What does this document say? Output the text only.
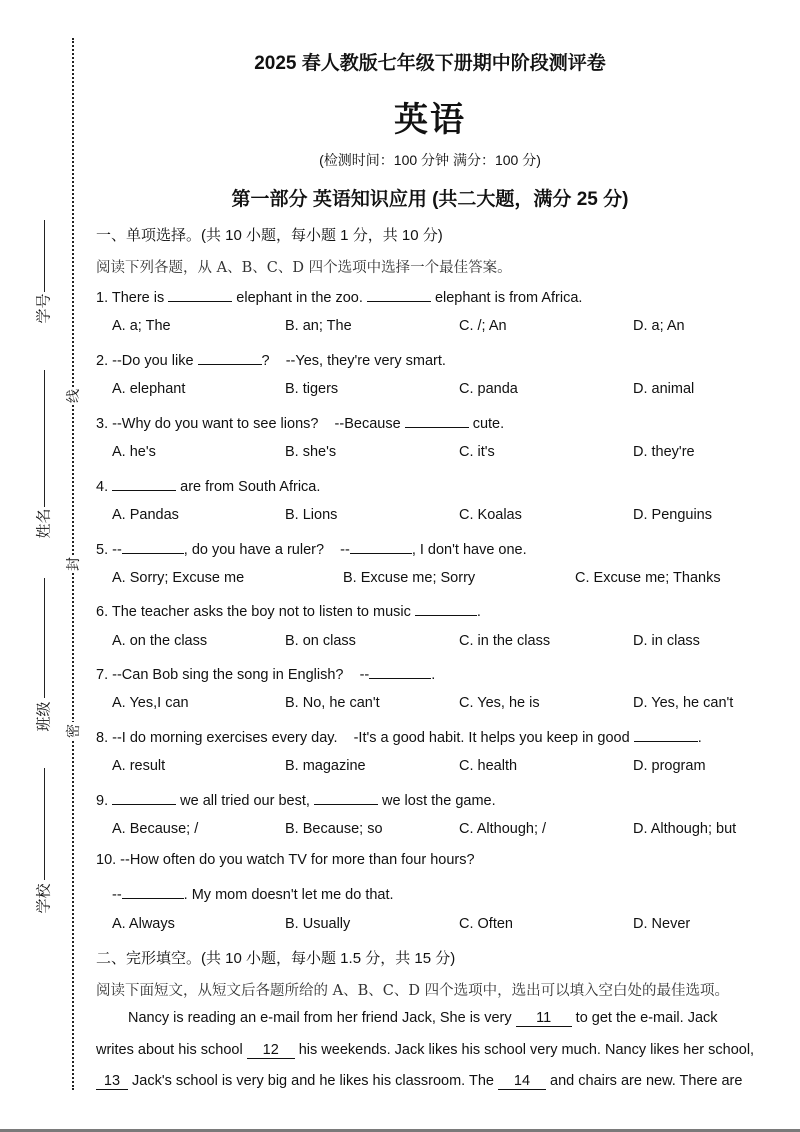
线
封
密
学号
姓名
班级
学校
2025 春人教版七年级下册期中阶段测评卷
英语
(检测时间：100 分钟 满分：100 分)
第一部分 英语知识应用 (共二大题，满分 25 分)
一、单项选择。(共 10 小题，每小题 1 分，共 10 分)
阅读下列各题，从 A、B、C、D 四个选项中选择一个最佳答案。
1. There is	elephant in the zoo.	elephant is from Africa.
A. a; The	B. an; The	C. /; An	D. a; An
2. --Do you like	?    --Yes, they're very smart.
A. elephant	B. tigers	C. panda	D. animal
3. --Why do you want to see lions?    --Because	cute.
A. he's	B. she's	C. it's	D. they're
4.	are from South Africa.
A. Pandas	B. Lions	C. Koalas	D. Penguins
5. --	, do you have a ruler?    --	, I don't have one.
A. Sorry; Excuse me	B. Excuse me; Sorry	C. Excuse me; Thanks
6. The teacher asks the boy not to listen to music	.
A. on the class	B. on class	C. in the class	D. in class
7. --Can Bob sing the song in English?    --	.
A. Yes,I can	B. No, he can't	C. Yes, he is	D. Yes, he can't
8. --I do morning exercises every day.    -It's a good habit. It helps you keep in good	.
A. result	B. magazine	C. health	D. program
9.	we all tried our best,	we lost the game.
A. Because; /	B. Because; so	C. Although; /	D. Although; but
10. --How often do you watch TV for more than four hours?
--	. My mom doesn't let me do that.
A. Always	B. Usually	C. Often	D. Never
二、完形填空。(共 10 小题，每小题 1.5 分，共 15 分)
阅读下面短文，从短文后各题所给的 A、B、C、D 四个选项中，选出可以填入空白处的最佳选项。
Nancy is reading an e-mail from her friend Jack, She is very 11 to get the e-mail. Jack
writes about his school 12 his weekends. Jack likes his school very much. Nancy likes her school,
13 Jack's school is very big and he likes his classroom. The 14 and chairs are new. There are
